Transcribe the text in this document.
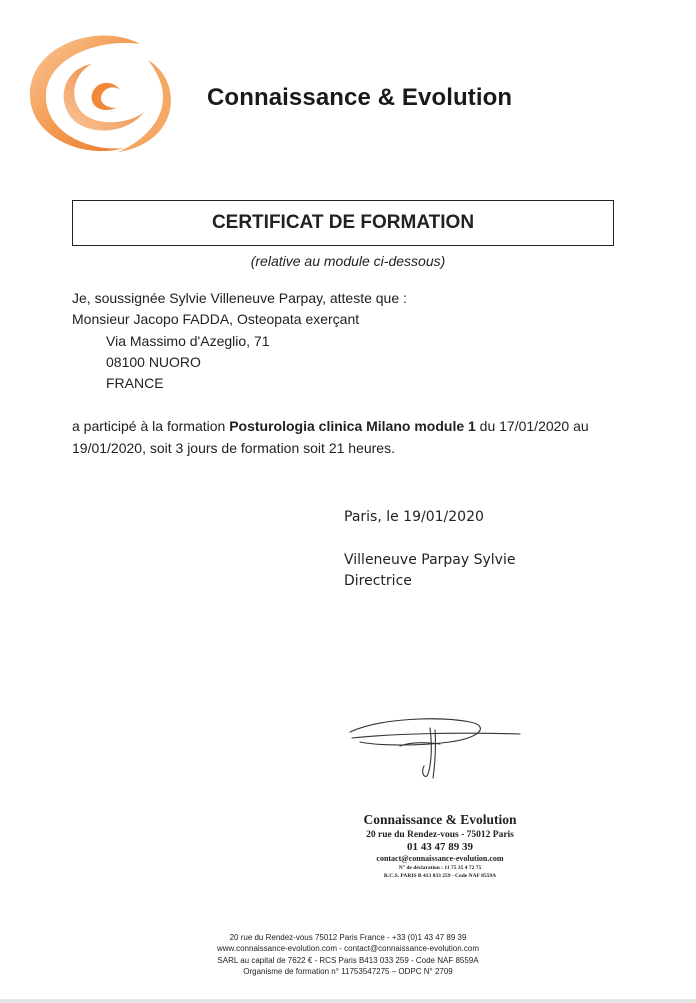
Connaissance & Evolution
CERTIFICAT DE FORMATION
(relative au module ci-dessous)
Je, soussignée Sylvie Villeneuve Parpay, atteste que :
Monsieur Jacopo FADDA, Osteopata exerçant
Via Massimo d'Azeglio, 71
08100 NUORO
FRANCE
a participé à la formation Posturologia clinica Milano module 1 du 17/01/2020 au
19/01/2020, soit 3 jours de formation soit 21 heures.
Paris, le 19/01/2020
Villeneuve Parpay Sylvie
Directrice
Connaissance & Evolution
20 rue du Rendez-vous - 75012 Paris
01 43 47 89 39
contact@connaissance-evolution.com
N° de déclaration : 11 75 35 4 72 75
R.C.S. PARIS B 413 033 259 - Code NAF 8559A
20 rue du Rendez-vous 75012 Paris France - +33 (0)1 43 47 89 39
www.connaissance-evolution.com - contact@connaissance-evolution.com
SARL au capital de 7622 € - RCS Paris B413 033 259 - Code NAF 8559A
Organisme de formation n° 11753547275 – ODPC N° 2709
